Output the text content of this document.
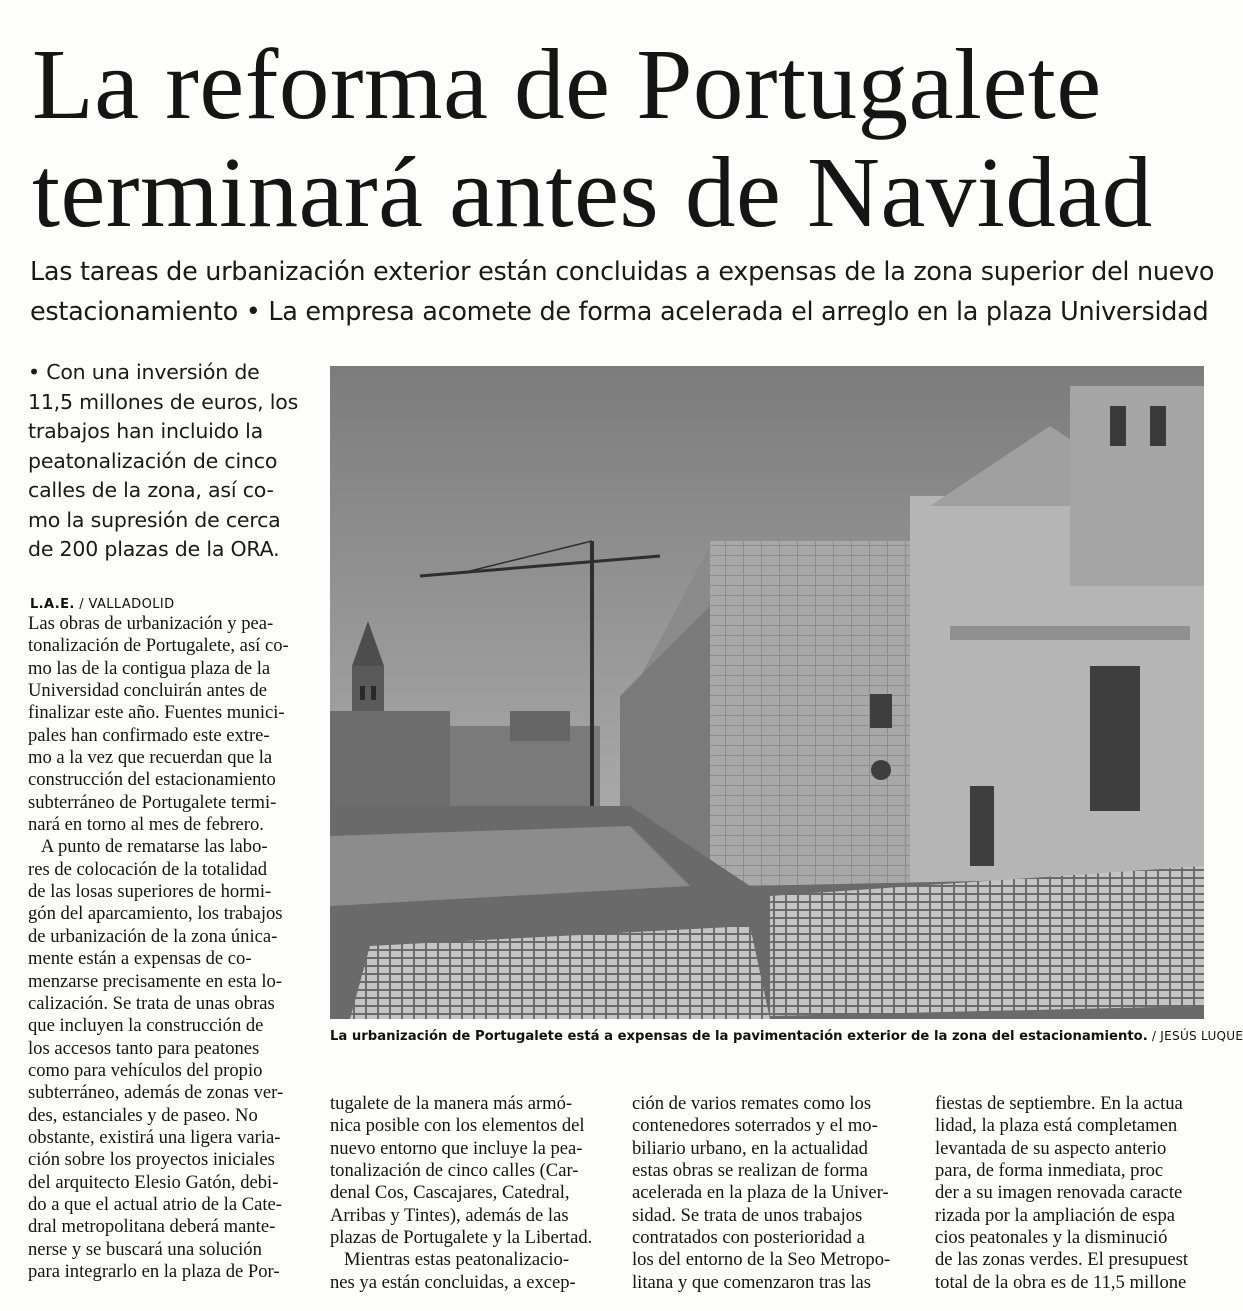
La reforma de Portugalete
terminará antes de Navidad
Las tareas de urbanización exterior están concluidas a expensas de la zona superior del nuevo
estacionamiento • La empresa acomete de forma acelerada el arreglo en la plaza Universidad
• Con una inversión de
11,5 millones de euros, los
trabajos han incluido la
peatonalización de cinco
calles de la zona, así co-
mo la supresión de cerca
de 200 plazas de la ORA.
L.A.E. / VALLADOLID
Las obras de urbanización y pea-
tonalización de Portugalete, así co-
mo las de la contigua plaza de la
Universidad concluirán antes de
finalizar este año. Fuentes munici-
pales han confirmado este extre-
mo a la vez que recuerdan que la
construcción del estacionamiento
subterráneo de Portugalete termi-
nará en torno al mes de febrero.
A punto de rematarse las labo-
res de colocación de la totalidad
de las losas superiores de hormi-
gón del aparcamiento, los trabajos
de urbanización de la zona única-
mente están a expensas de co-
menzarse precisamente en esta lo-
calización. Se trata de unas obras
que incluyen la construcción de
los accesos tanto para peatones
como para vehículos del propio
subterráneo, además de zonas ver-
des, estanciales y de paseo. No
obstante, existirá una ligera varia-
ción sobre los proyectos iniciales
del arquitecto Elesio Gatón, debi-
do a que el actual atrio de la Cate-
dral metropolitana deberá mante-
nerse y se buscará una solución
para integrarlo en la plaza de Por-
La urbanización de Portugalete está a expensas de la pavimentación exterior de la zona del estacionamiento. / JESÚS LUQUE
tugalete de la manera más armó-
nica posible con los elementos del
nuevo entorno que incluye la pea-
tonalización de cinco calles (Car-
denal Cos, Cascajares, Catedral,
Arribas y Tintes), además de las
plazas de Portugalete y la Libertad.
Mientras estas peatonalizacio-
nes ya están concluidas, a excep-
ción de varios remates como los
contenedores soterrados y el mo-
biliario urbano, en la actualidad
estas obras se realizan de forma
acelerada en la plaza de la Univer-
sidad. Se trata de unos trabajos
contratados con posterioridad a
los del entorno de la Seo Metropo-
litana y que comenzaron tras las
fiestas de septiembre. En la actua
lidad, la plaza está completamen
levantada de su aspecto anterio
para, de forma inmediata, proc
der a su imagen renovada caracte
rizada por la ampliación de espa
cios peatonales y la disminució
de las zonas verdes. El presupuest
total de la obra es de 11,5 millone
